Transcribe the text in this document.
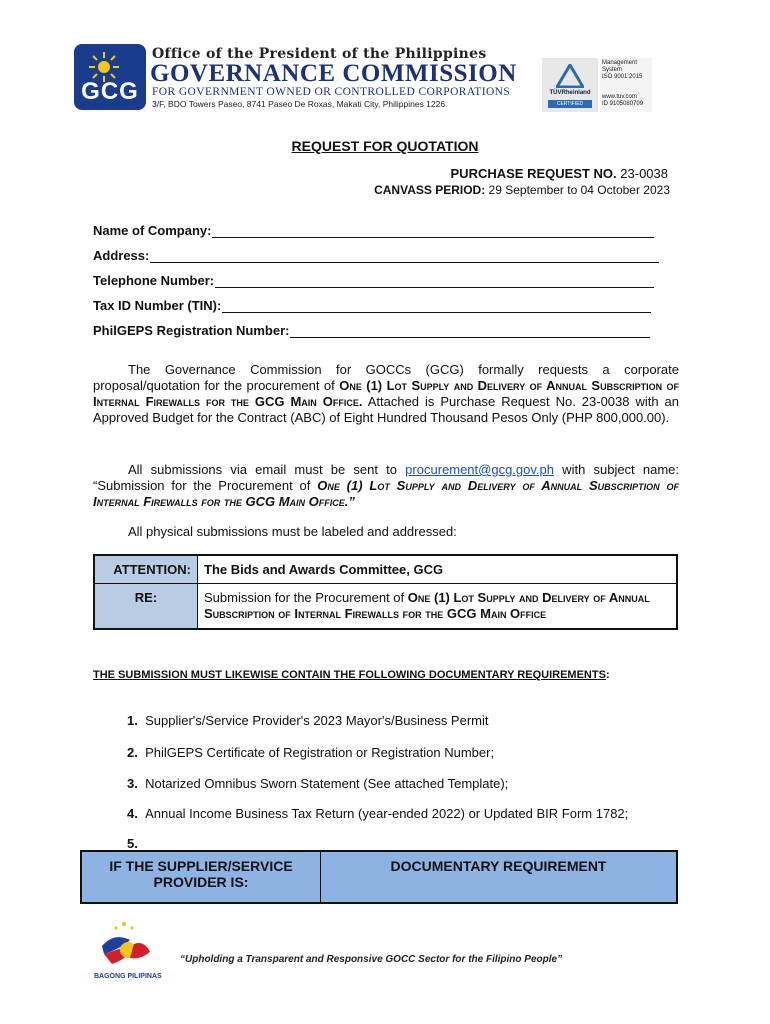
GCG
Office of the President of the Philippines
GOVERNANCE COMMISSION
FOR GOVERNMENT OWNED OR CONTROLLED CORPORATIONS
3/F, BDO Towers Paseo, 8741 Paseo De Roxas, Makati City, Philippines 1226
TÜVRheinland
CERTIFIED
Management
System
ISO 9001:2015
www.tuv.com
ID 9105080709
REQUEST FOR QUOTATION
PURCHASE REQUEST NO. 23-0038
CANVASS PERIOD: 29 September to 04 October 2023
Name of Company:
Address:
Telephone Number:
Tax ID Number (TIN):
PhilGEPS Registration Number:
The Governance Commission for GOCCs (GCG) formally requests a corporate proposal/quotation for the procurement of One (1) Lot Supply and Delivery of Annual Subscription of Internal Firewalls for the GCG Main Office. Attached is Purchase Request No. 23-0038 with an Approved Budget for the Contract (ABC) of Eight Hundred Thousand Pesos Only (PHP 800,000.00).
All submissions via email must be sent to procurement@gcg.gov.ph with subject name: “Submission for the Procurement of One (1) Lot Supply and Delivery of Annual Subscription of Internal Firewalls for the GCG Main Office.”
All physical submissions must be labeled and addressed:
ATTENTION:	The Bids and Awards Committee, GCG
RE:	Submission for the Procurement of One (1) Lot Supply and Delivery of Annual Subscription of Internal Firewalls for the GCG Main Office
THE SUBMISSION MUST LIKEWISE CONTAIN THE FOLLOWING DOCUMENTARY REQUIREMENTS:
1. Supplier's/Service Provider's 2023 Mayor's/Business Permit
2. PhilGEPS Certificate of Registration or Registration Number;
3. Notarized Omnibus Sworn Statement (See attached Template);
4. Annual Income Business Tax Return (year-ended 2022) or Updated BIR Form 1782;
5.
IF THE SUPPLIER/SERVICE PROVIDER IS:	DOCUMENTARY REQUIREMENT
BAGONG PILIPINAS
“Upholding a Transparent and Responsive GOCC Sector for the Filipino People”
